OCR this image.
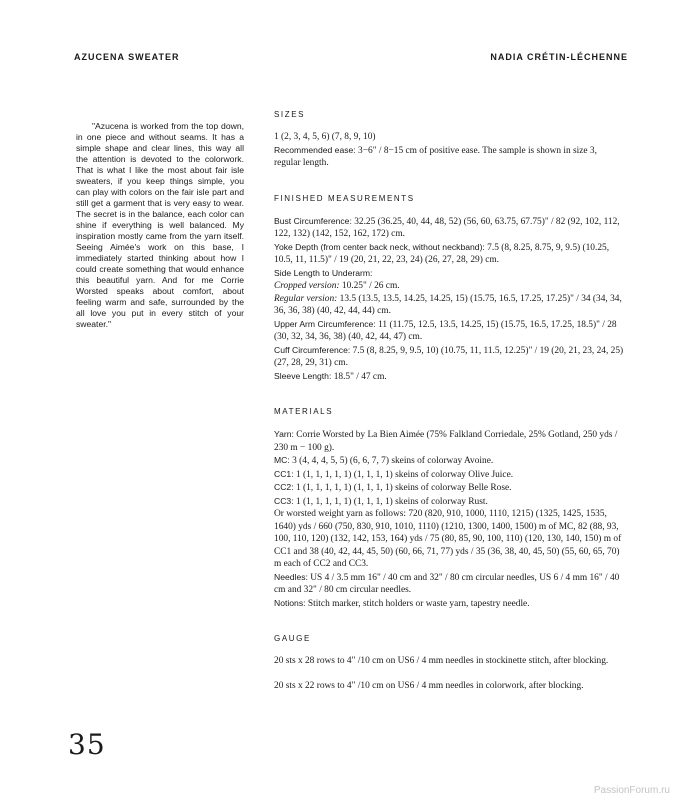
AZUCENA SWEATER	NADIA CRÉTIN-LÉCHENNE
"Azucena is worked from the top down, in one piece and without seams. It has a simple shape and clear lines, this way all the attention is devoted to the colorwork. That is what I like the most about fair isle sweaters, if you keep things simple, you can play with colors on the fair isle part and still get a garment that is very easy to wear. The secret is in the balance, each color can shine if everything is well balanced. My inspiration mostly came from the yarn itself. Seeing Aimée's work on this base, I immediately started thinking about how I could create something that would enhance this beautiful yarn. And for me Corrie Worsted speaks about comfort, about feeling warm and safe, surrounded by the all love you put in every stitch of your sweater."
SIZES

1 (2, 3, 4, 5, 6) (7, 8, 9, 10)

Recommended ease: 3−6" / 8−15 cm of positive ease. The sample is shown in size 3, regular length.

FINISHED MEASUREMENTS

Bust Circumference: 32.25 (36.25, 40, 44, 48, 52) (56, 60, 63.75, 67.75)" / 82 (92, 102, 112, 122, 132) (142, 152, 162, 172) cm.

Yoke Depth (from center back neck, without neckband): 7.5 (8, 8.25, 8.75, 9, 9.5) (10.25, 10.5, 11, 11.5)" / 19 (20, 21, 22, 23, 24) (26, 27, 28, 29) cm.

Side Length to Underarm:

Cropped version: 10.25" / 26 cm.

Regular version: 13.5 (13.5, 13.5, 14.25, 14.25, 15) (15.75, 16.5, 17.25, 17.25)" / 34 (34, 34, 36, 36, 38) (40, 42, 44, 44) cm.

Upper Arm Circumference: 11 (11.75, 12.5, 13.5, 14.25, 15) (15.75, 16.5, 17.25, 18.5)" / 28 (30, 32, 34, 36, 38) (40, 42, 44, 47) cm.

Cuff Circumference: 7.5 (8, 8.25, 9, 9.5, 10) (10.75, 11, 11.5, 12.25)" / 19 (20, 21, 23, 24, 25) (27, 28, 29, 31) cm.

Sleeve Length: 18.5" / 47 cm.

MATERIALS

Yarn: Corrie Worsted by La Bien Aimée (75% Falkland Corriedale, 25% Gotland, 250 yds / 230 m − 100 g).

MC: 3 (4, 4, 4, 5, 5) (6, 6, 7, 7) skeins of colorway Avoine.

CC1: 1 (1, 1, 1, 1, 1) (1, 1, 1, 1) skeins of colorway Olive Juice.

CC2: 1 (1, 1, 1, 1, 1) (1, 1, 1, 1) skeins of colorway Belle Rose.

CC3: 1 (1, 1, 1, 1, 1) (1, 1, 1, 1) skeins of colorway Rust.

Or worsted weight yarn as follows: 720 (820, 910, 1000, 1110, 1215) (1325, 1425, 1535, 1640) yds / 660 (750, 830, 910, 1010, 1110) (1210, 1300, 1400, 1500) m of MC, 82 (88, 93, 100, 110, 120) (132, 142, 153, 164) yds / 75 (80, 85, 90, 100, 110) (120, 130, 140, 150) m of CC1 and 38 (40, 42, 44, 45, 50) (60, 66, 71, 77) yds / 35 (36, 38, 40, 45, 50) (55, 60, 65, 70) m each of CC2 and CC3.

Needles: US 4 / 3.5 mm 16" / 40 cm and 32" / 80 cm circular needles, US 6 / 4 mm 16" / 40 cm and 32" / 80 cm circular needles.

Notions: Stitch marker, stitch holders or waste yarn, tapestry needle.

GAUGE

20 sts x 28 rows to 4" /10 cm on US6 / 4 mm needles in stockinette stitch, after blocking.

20 sts x 22 rows to 4" /10 cm on US6 / 4 mm needles in colorwork, after blocking.

35
PassionForum.ru
